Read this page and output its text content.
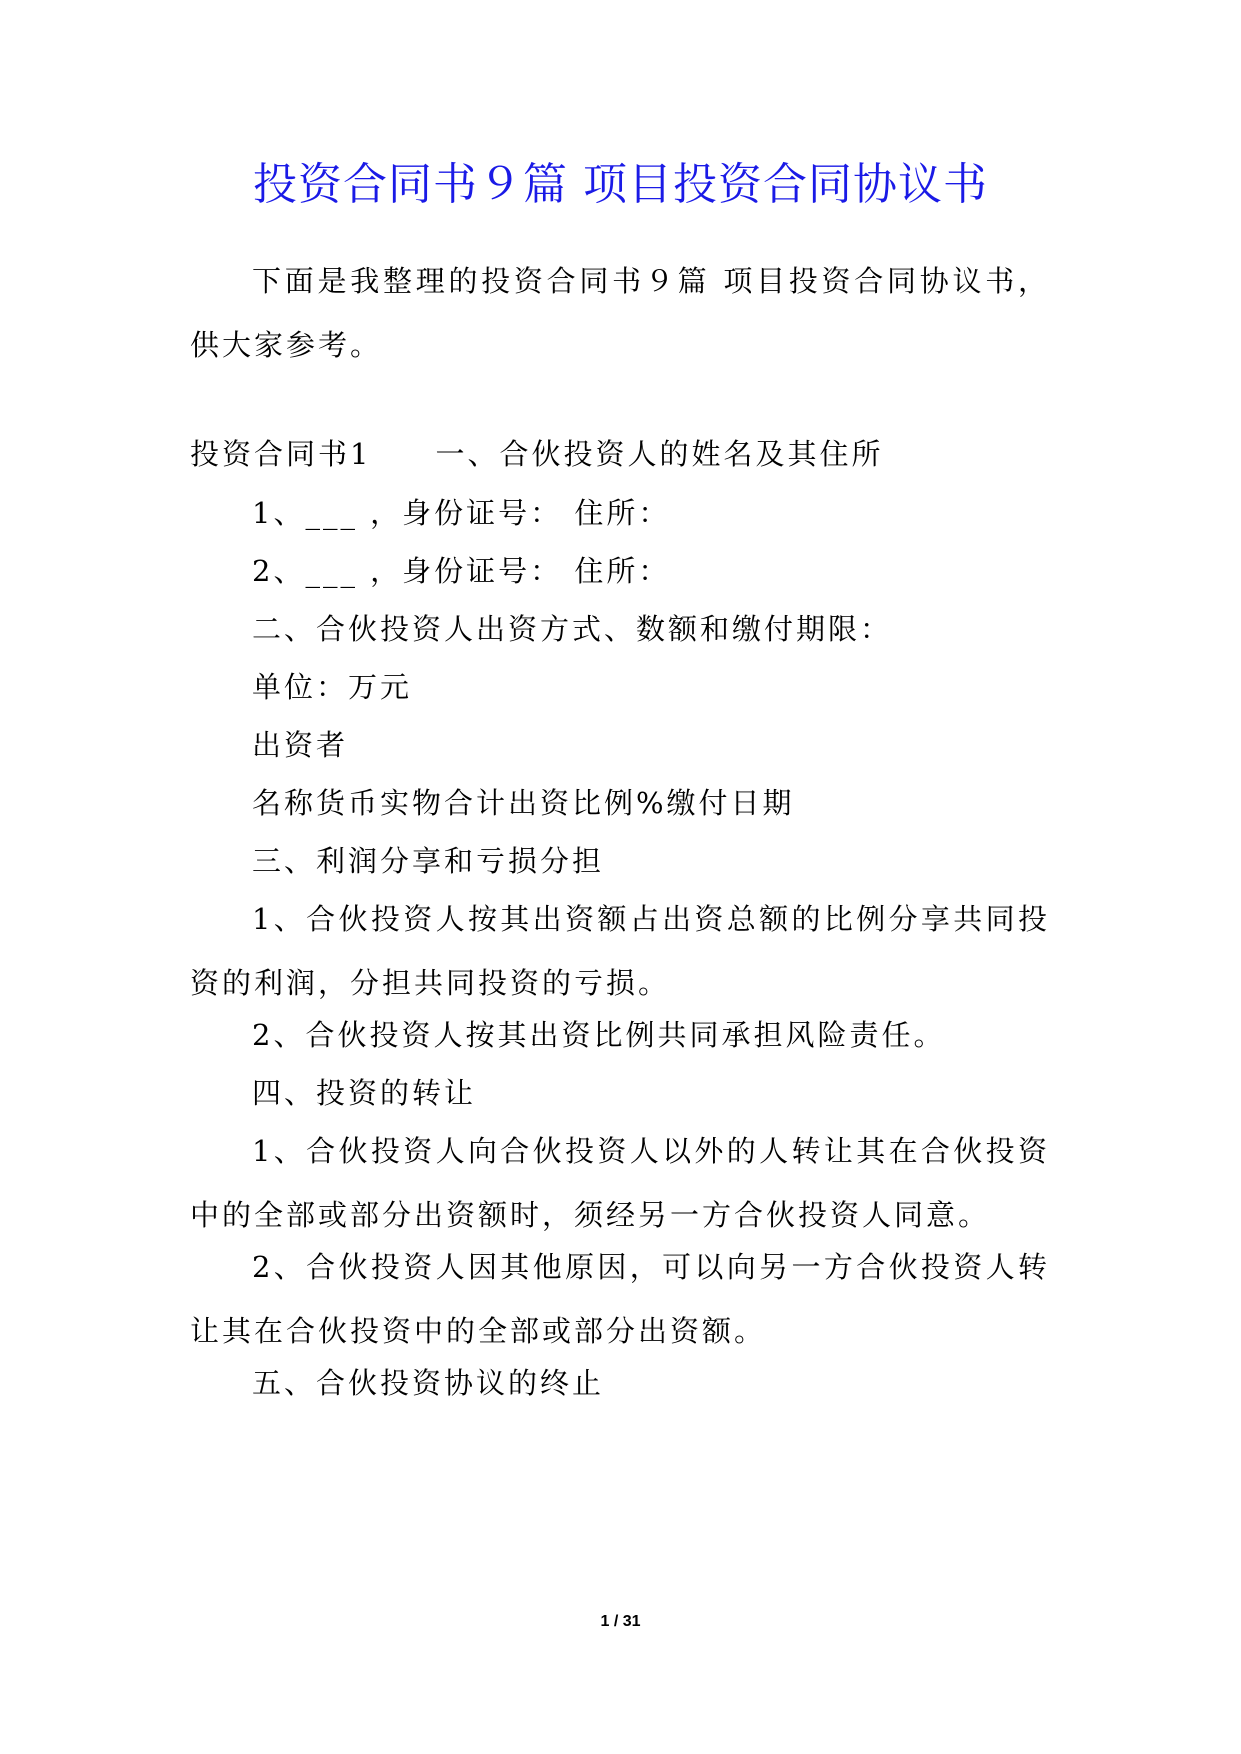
投资合同书９篇 项目投资合同协议书

下面是我整理的投资合同书９篇 项目投资合同协议书，供大家参考。

投资合同书1　　一、合伙投资人的姓名及其住所
1、___ ，身份证号： 住所：
2、___ ，身份证号： 住所：
二、合伙投资人出资方式、数额和缴付期限：
单位：万元
出资者
名称货币实物合计出资比例%缴付日期
三、利润分享和亏损分担

1、合伙投资人按其出资额占出资总额的比例分享共同投资的利润，分担共同投资的亏损。

2、合伙投资人按其出资比例共同承担风险责任。
四、投资的转让

1、合伙投资人向合伙投资人以外的人转让其在合伙投资中的全部或部分出资额时，须经另一方合伙投资人同意。

2、合伙投资人因其他原因，可以向另一方合伙投资人转让其在合伙投资中的全部或部分出资额。

五、合伙投资协议的终止
1 / 31
